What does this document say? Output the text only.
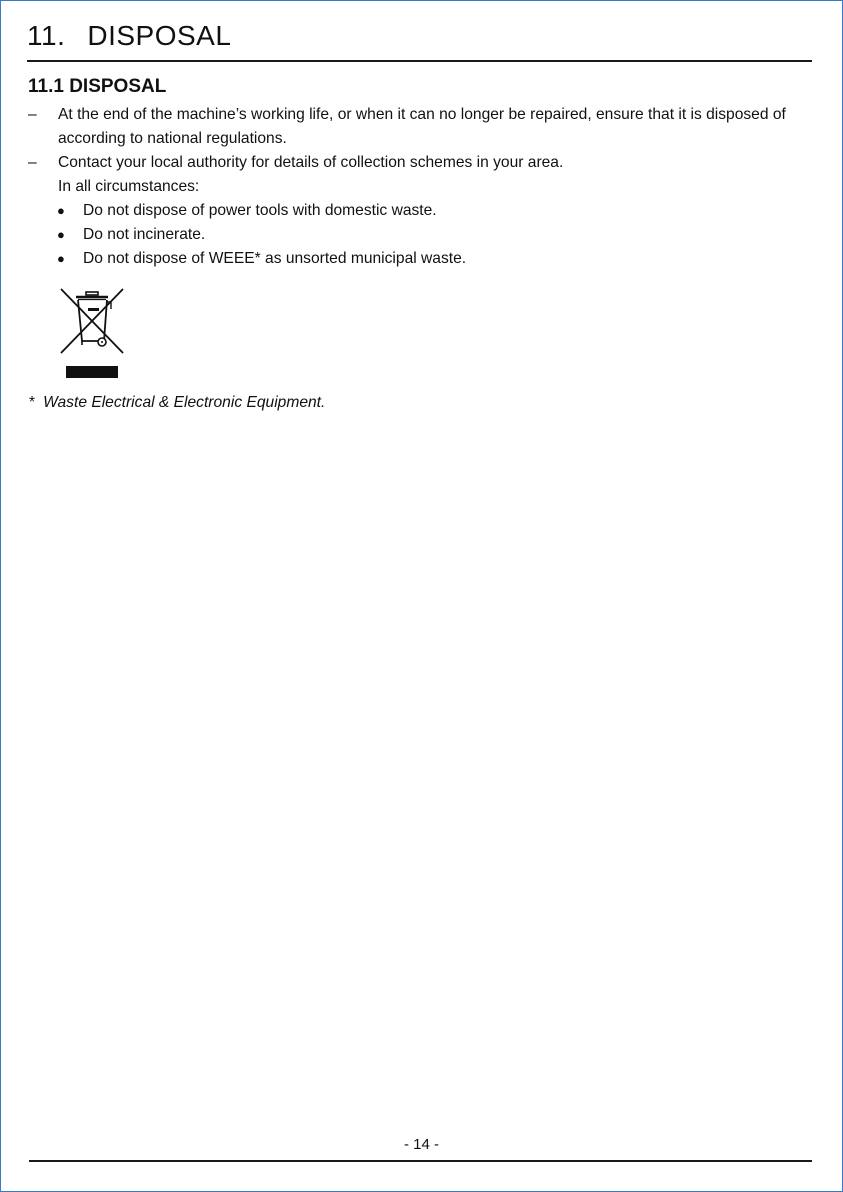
11. DISPOSAL
11.1 DISPOSAL
– At the end of the machine’s working life, or when it can no longer be repaired, ensure that it is disposed of according to national regulations.
– Contact your local authority for details of collection schemes in your area.
In all circumstances:
● Do not dispose of power tools with domestic waste.
● Do not incinerate.
● Do not dispose of WEEE* as unsorted municipal waste.
* Waste Electrical & Electronic Equipment.
- 14 -
